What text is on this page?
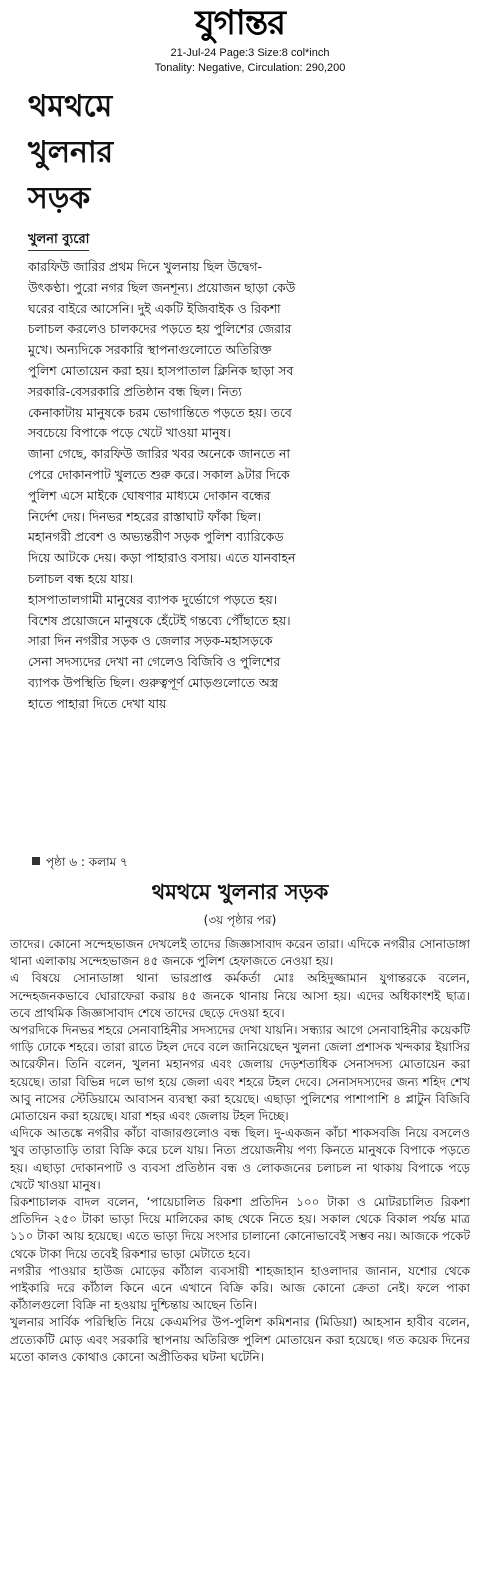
যুগান্তর
21-Jul-24 Page:3 Size:8 col*inch
Tonality: Negative, Circulation: 290,200
থমথমে
খুলনার
সড়ক
খুলনা ব্যুরো

কারফিউ জারির প্রথম দিনে খুলনায় ছিল উদ্বেগ-উৎকণ্ঠা। পুরো নগর ছিল জনশূন্য। প্রয়োজন ছাড়া কেউ ঘরের বাইরে আসেনি। দুই একটি ইজিবাইক ও রিকশা চলাচল করলেও চালকদের পড়তে হয় পুলিশের জেরার মুখে। অন্যদিকে সরকারি স্থাপনাগুলোতে অতিরিক্ত পুলিশ মোতায়েন করা হয়। হাসপাতাল ক্লিনিক ছাড়া সব সরকারি-বেসরকারি প্রতিষ্ঠান বন্ধ ছিল। নিত্য কেনাকাটায় মানুষকে চরম ভোগান্তিতে পড়তে হয়। তবে সবচেয়ে বিপাকে পড়ে খেটে খাওয়া মানুষ।

জানা গেছে, কারফিউ জারির খবর অনেকে জানতে না পেরে দোকানপাট খুলতে শুরু করে। সকাল ৯টার দিকে পুলিশ এসে মাইকে ঘোষণার মাধ্যমে দোকান বন্ধের নির্দেশ দেয়। দিনভর শহরের রাস্তাঘাট ফাঁকা ছিল।

মহানগরী প্রবেশ ও অভ্যন্তরীণ সড়ক পুলিশ ব্যারিকেড দিয়ে আটকে দেয়। কড়া পাহারাও বসায়। এতে যানবাহন চলাচল বন্ধ হয়ে যায়।

হাসপাতালগামী মানুষের ব্যাপক দুর্ভোগে পড়তে হয়। বিশেষ প্রয়োজনে মানুষকে হেঁটেই গন্তব্যে পৌঁছাতে হয়। সারা দিন নগরীর সড়ক ও জেলার সড়ক-মহাসড়কে সেনা সদস্যদের দেখা না গেলেও বিজিবি ও পুলিশের ব্যাপক উপস্থিতি ছিল। গুরুত্বপূর্ণ মোড়গুলোতে অস্ত্র হাতে পাহারা দিতে দেখা যায়

পৃষ্ঠা ৬ : কলাম ৭
থমথমে খুলনার সড়ক
(৩য় পৃষ্ঠার পর)

তাদের। কোনো সন্দেহভাজন দেখলেই তাদের জিজ্ঞাসাবাদ করেন তারা। এদিকে নগরীর সোনাডাঙ্গা থানা এলাকায় সন্দেহভাজন ৪৫ জনকে পুলিশ হেফাজতে নেওয়া হয়।

এ বিষয়ে সোনাডাঙ্গা থানা ভারপ্রাপ্ত কর্মকর্তা মোঃ অহিদুজ্জামান যুগান্তরকে বলেন, সন্দেহজনকভাবে ঘোরাফেরা করায় ৪৫ জনকে থানায় নিয়ে আসা হয়। এদের অধিকাংশই ছাত্র। তবে প্রাথমিক জিজ্ঞাসাবাদ শেষে তাদের ছেড়ে দেওয়া হবে।

অপরদিকে দিনভর শহরে সেনাবাহিনীর সদস্যদের দেখা যায়নি। সন্ধ্যার আগে সেনাবাহিনীর কয়েকটি গাড়ি ঢোকে শহরে। তারা রাতে টহল দেবে বলে জানিয়েছেন খুলনা জেলা প্রশাসক খন্দকার ইয়াসির আরেফীন। তিনি বলেন, খুলনা মহানগর এবং জেলায় দেড়শতাধিক সেনাসদস্য মোতায়েন করা হয়েছে। তারা বিভিন্ন দলে ভাগ হয়ে জেলা এবং শহরে টহল দেবে। সেনাসদস্যদের জন্য শহিদ শেখ আবু নাসের স্টেডিয়ামে আবাসন ব্যবস্থা করা হয়েছে। এছাড়া পুলিশের পাশাপাশি ৪ প্লাটুন বিজিবি মোতায়েন করা হয়েছে। যারা শহর এবং জেলায় টহল দিচ্ছে।

এদিকে আতঙ্কে নগরীর কাঁচা বাজারগুলোও বন্ধ ছিল। দু-একজন কাঁচা শাকসবজি নিয়ে বসলেও খুব তাড়াতাড়ি তারা বিক্রি করে চলে যায়। নিত্য প্রয়োজনীয় পণ্য কিনতে মানুষকে বিপাকে পড়তে হয়। এছাড়া দোকানপাট ও ব্যবসা প্রতিষ্ঠান বন্ধ ও লোকজনের চলাচল না থাকায় বিপাকে পড়ে খেটে খাওয়া মানুষ।

রিকশাচালক বাদল বলেন, ‘পায়েচালিত রিকশা প্রতিদিন ১০০ টাকা ও মোটরচালিত রিকশা প্রতিদিন ২৫০ টাকা ভাড়া দিয়ে মালিকের কাছ থেকে নিতে হয়। সকাল থেকে বিকাল পর্যন্ত মাত্র ১১০ টাকা আয় হয়েছে। এতে ভাড়া দিয়ে সংসার চালানো কোনোভাবেই সম্ভব নয়। আজকে পকেট থেকে টাকা দিয়ে তবেই রিকশার ভাড়া মেটাতে হবে।

নগরীর পাওয়ার হাউজ মোড়ের কাঁঠাল ব্যবসায়ী শাহজাহান হাওলাদার জানান, যশোর থেকে পাইকারি দরে কাঁঠাল কিনে এনে এখানে বিক্রি করি। আজ কোনো ক্রেতা নেই। ফলে পাকা কাঁঠালগুলো বিক্রি না হওয়ায় দুশ্চিন্তায় আছেন তিনি।

খুলনার সার্বিক পরিস্থিতি নিয়ে কেএমপির উপ-পুলিশ কমিশনার (মিডিয়া) আহসান হাবীব বলেন, প্রত্যেকটি মোড় এবং সরকারি স্থাপনায় অতিরিক্ত পুলিশ মোতায়েন করা হয়েছে। গত কয়েক দিনের মতো কালও কোথাও কোনো অপ্রীতিকর ঘটনা ঘটেনি।
